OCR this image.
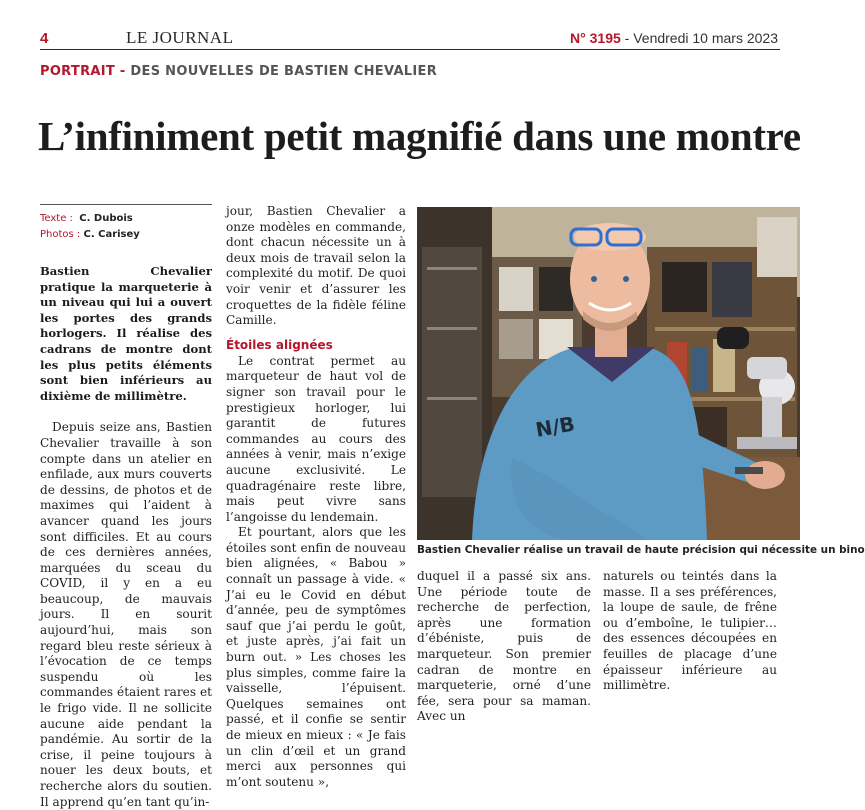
4	LE JOURNAL	N° 3195 - Vendredi 10 mars 2023
PORTRAIT - DES NOUVELLES DE BASTIEN CHEVALIER
L’infiniment petit magnifié dans une montre
Texte : C. Dubois
Photos : C. Carisey

Bastien Chevalier pratique la marqueterie à un niveau qui lui a ouvert les portes des grands horlogers. Il réalise des cadrans de montre dont les plus petits éléments sont bien inférieurs au dixième de millimètre.

Depuis seize ans, Bastien Chevalier travaille à son compte dans un atelier en enfilade, aux murs couverts de dessins, de photos et de maximes qui l’aident à avancer quand les jours sont difficiles. Et au cours de ces dernières années, marquées du sceau du COVID, il y en a eu beaucoup, de mauvais jours. Il en sourit aujourd’hui, mais son regard bleu reste sérieux à l’évocation de ce temps suspendu où les commandes étaient rares et le frigo vide. Il ne sollicite aucune aide pendant la pandémie. Au sortir de la crise, il peine toujours à nouer les deux bouts, et recherche alors du soutien. Il apprend qu’en tant qu’in-

jour, Bastien Chevalier a onze modèles en commande, dont chacun nécessite un à deux mois de travail selon la complexité du motif. De quoi voir venir et d’assurer les croquettes de la fidèle féline Camille.

Étoiles alignées

Le contrat permet au marqueteur de haut vol de signer son travail pour le prestigieux horloger, lui garantit de futures commandes au cours des années à venir, mais n’exige aucune exclusivité. Le quadragénaire reste libre, mais peut vivre sans l’angoisse du lendemain.

Et pourtant, alors que les étoiles sont enfin de nouveau bien alignées, « Babou » connaît un passage à vide. « J’ai eu le Covid en début d’année, peu de symptômes sauf que j’ai perdu le goût, et juste après, j’ai fait un burn out. » Les choses les plus simples, comme faire la vaisselle, l’épuisent. Quelques semaines ont passé, et il confie se sentir de mieux en mieux : « Je fais un clin d’œil et un grand merci aux personnes qui m’ont soutenu »,

N/B
Bastien Chevalier réalise un travail de haute précision qui nécessite un bino

duquel il a passé six ans. Une période toute de recherche de perfection, après une formation d’ébéniste, puis de marqueteur. Son premier cadran de montre en marqueterie, orné d’une fée, sera pour sa maman. Avec un

naturels ou teintés dans la masse. Il a ses préférences, la loupe de saule, de frêne ou d’emboîne, le tulipier… des essences découpées en feuilles de placage d’une épaisseur inférieure au millimètre.
